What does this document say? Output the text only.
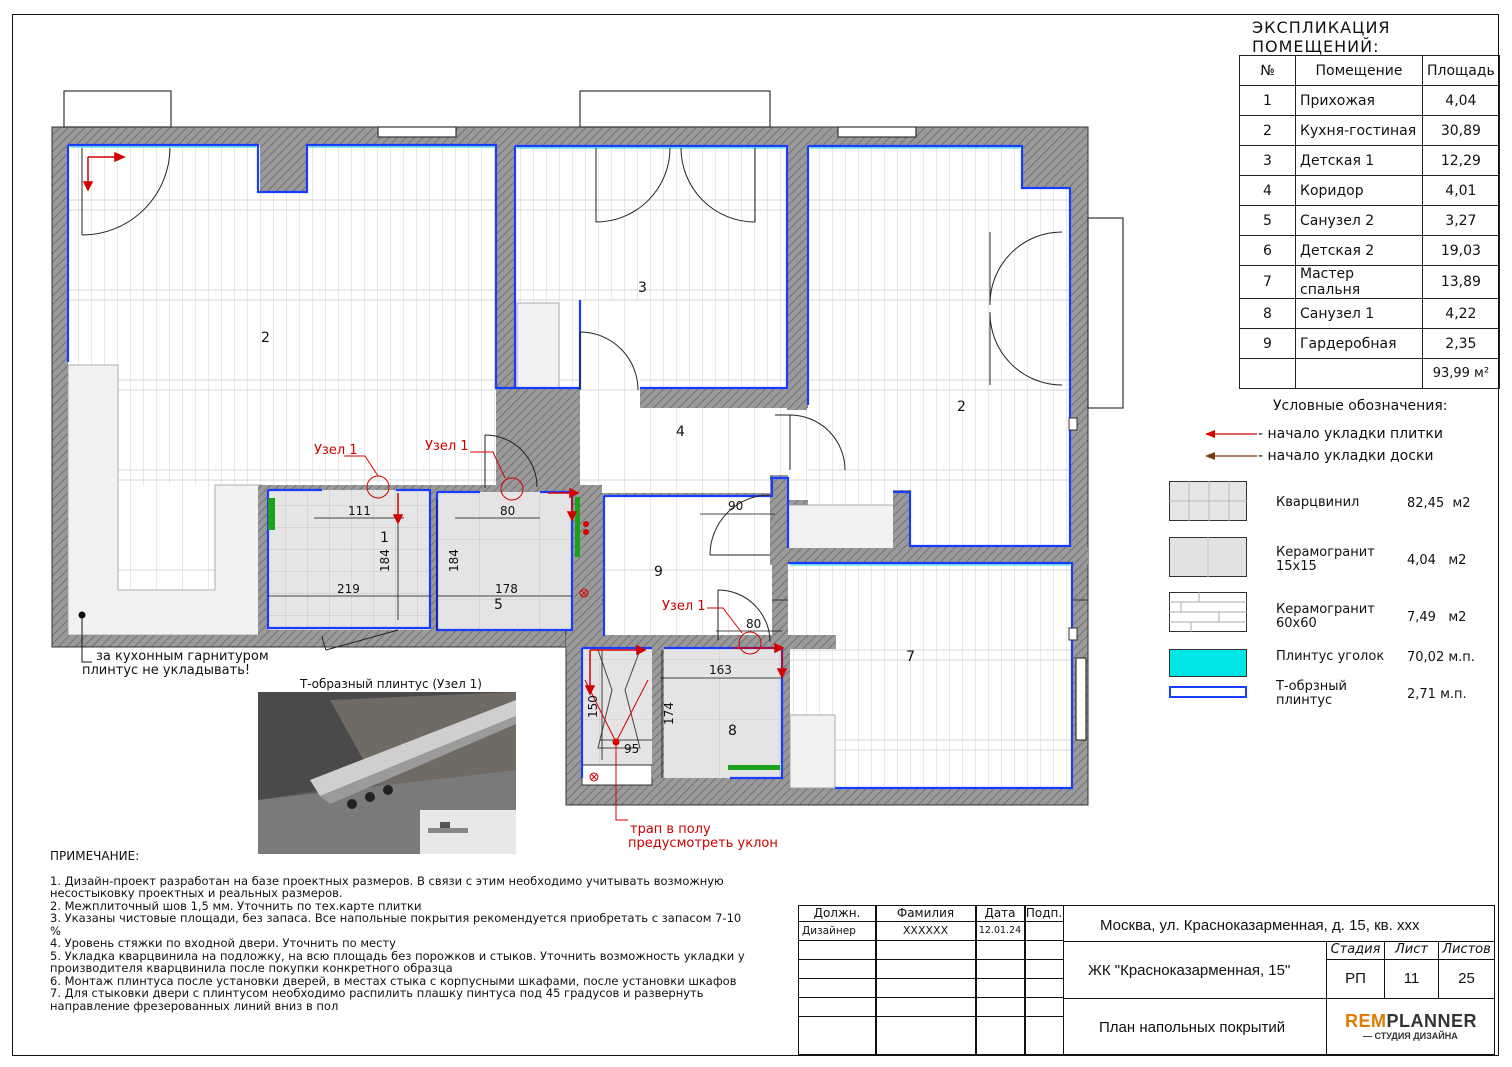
2
3
4
2
9
1
5
7
8
111	80
184	184
219	178
90
80
163
150	174
95
Узел 1	Узел 1
Узел 1
за кухонным гарнитуром
плинтус не укладывать!
трап в полу
предусмотреть уклон
Т-образный плинтус (Узел 1)
ЭКСПЛИКАЦИЯ ПОМЕЩЕНИЙ:
№	Помещение	Площадь
1	Прихожая	4,04
2	Кухня-гостиная	30,89
3	Детская 1	12,29
4	Коридор	4,01
5	Санузел 2	3,27
6	Детская 2	19,03
7	Мастер спальня	13,89
8	Санузел 1	4,22
9	Гардеробная	2,35
		93,99 м²
Условные обозначения:
- начало укладки плитки
- начало укладки доски
Кварцвинил	82,45 м2
Керамогранит 15х15	4,04 м2
Керамогранит 60х60	7,49 м2
Плинтус уголок 70,02 м.п.
Т-обрзный плинтус	2,71 м.п.
ПРИМЕЧАНИЕ:

1. Дизайн-проект разработан на базе проектных размеров. В связи с этим необходимо учитывать возможную несостыковку проектных и реальных размеров.

2. Межплиточный шов 1,5 мм. Уточнить по тех.карте плитки

3. Указаны чистовые площади, без запаса. Все напольные покрытия рекомендуется приобретать с запасом 7-10 %

4. Уровень стяжки по входной двери. Уточнить по месту

5. Укладка кварцвинила на подложку, на всю площадь без порожков и стыков. Уточнить возможность укладки у производителя кварцвинила после покупки конкретного образца

6. Монтаж плинтуса после установки дверей, в местах стыка с корпусными шкафами, после установки шкафов

7. Для стыковки двери с плинтусом необходимо распилить плашку пинтуса под 45 градусов и развернуть направление фрезерованных линий вниз в пол

Должн.	Фамилия	Дата Подп.
Дизайнер	ХХХХХХ	12.01.24	Москва, ул. Красноказарменная, д. 15, кв. ххх
ЖК "Красноказарменная, 15"
Стадия	Лист	Листов
РП	11	25
План напольных покрытий	REMPLANNER
— СТУДИЯ ДИЗАЙНА
